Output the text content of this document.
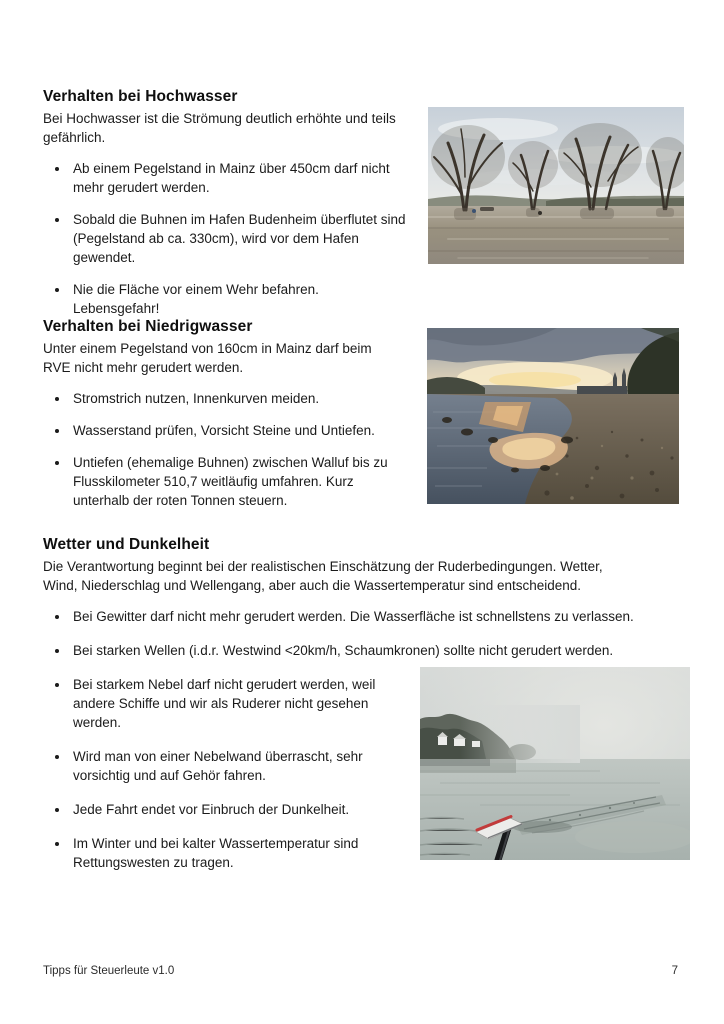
Verhalten bei Hochwasser

Bei Hochwasser ist die Strömung deutlich erhöhte und teils gefährlich.

• Ab einem Pegelstand in Mainz über 450cm darf nicht mehr gerudert werden.
• Sobald die Buhnen im Hafen Budenheim überflutet sind (Pegelstand ab ca. 330cm), wird vor dem Hafen gewendet.
• Nie die Fläche vor einem Wehr befahren. Lebensgefahr!
Verhalten bei Niedrigwasser

Unter einem Pegelstand von 160cm in Mainz darf beim RVE nicht mehr gerudert werden.

• Stromstrich nutzen, Innenkurven meiden.
• Wasserstand prüfen, Vorsicht Steine und Untiefen.
• Untiefen (ehemalige Buhnen) zwischen Walluf bis zu Flusskilometer 510,7 weitläufig umfahren. Kurz unterhalb der roten Tonnen steuern.
Wetter und Dunkelheit

Die Verantwortung beginnt bei der realistischen Einschätzung der Ruderbedingungen. Wetter, Wind, Niederschlag und Wellengang, aber auch die Wassertemperatur sind entscheidend.

• Bei Gewitter darf nicht mehr gerudert werden. Die Wasserfläche ist schnellstens zu verlassen.
• Bei starken Wellen (i.d.r. Westwind <20km/h, Schaumkronen) sollte nicht gerudert werden.
• Bei starkem Nebel darf nicht gerudert werden, weil andere Schiffe und wir als Ruderer nicht gesehen werden.
• Wird man von einer Nebelwand überrascht, sehr vorsichtig und auf Gehör fahren.
• Jede Fahrt endet vor Einbruch der Dunkelheit.
• Im Winter und bei kalter Wassertemperatur sind Rettungswesten zu tragen.
Tipps für Steuerleute v1.0	7
